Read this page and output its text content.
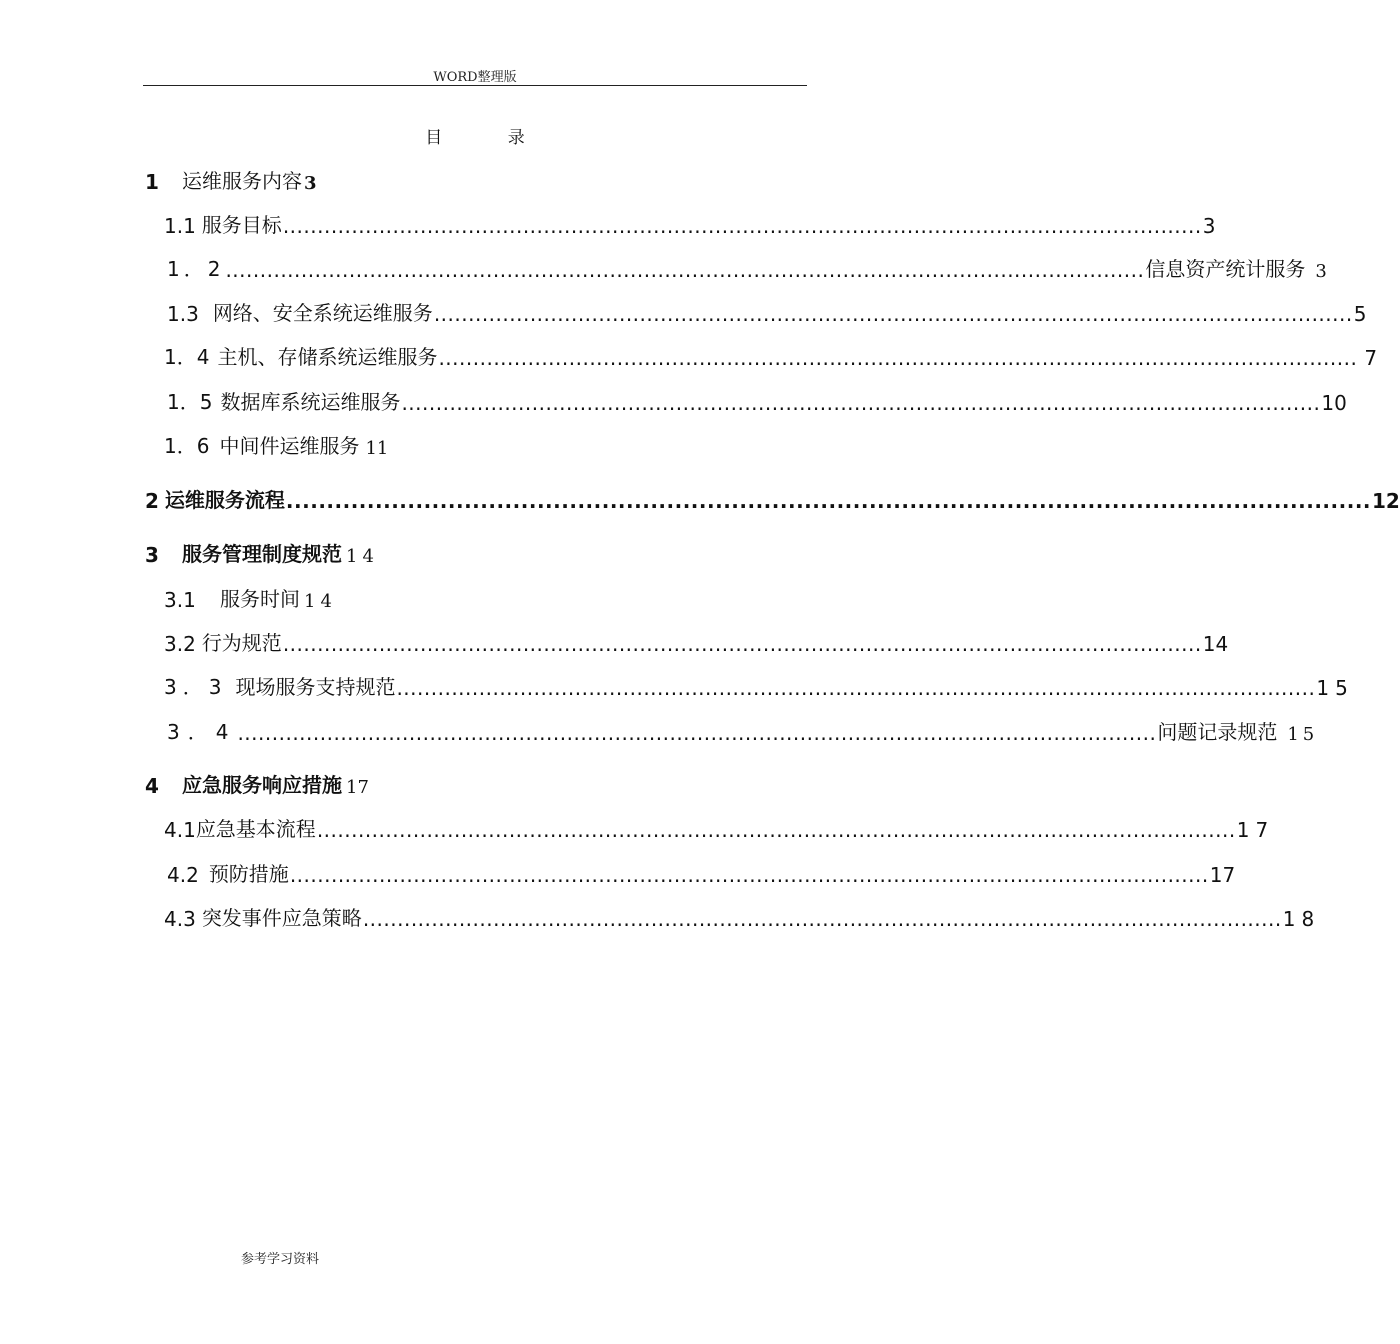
WORD整理版
目 录
1	运维服务内容 3
1.1 服务目标 ...................................................................................................................................... 3
1．2 ...................................................................................................................................... 信息资产统计服务 3
1.3 网络、安全系统运维服务 ...................................................................................................................................... 5
1．4 主机、存储系统运维服务 ...................................................................................................................................... 7
1．5 数据库系统运维服务 ...................................................................................................................................... 10
1．6 中间件运维服务 11
2 运维服务流程 ...................................................................................................................................... 12
3	服务管理制度规范 14
3.1	服务时间 14
3.2 行为规范 ...................................................................................................................................... 14
3．3 现场服务支持规范 ...................................................................................................................................... 15
3．4 ...................................................................................................................................... 问题记录规范 15
4	应急服务响应措施 17
4.1 应急基本流程 ...................................................................................................................................... 17
4.2 预防措施 ...................................................................................................................................... 17
4.3 突发事件应急策略 ...................................................................................................................................... 18
参考学习资料
